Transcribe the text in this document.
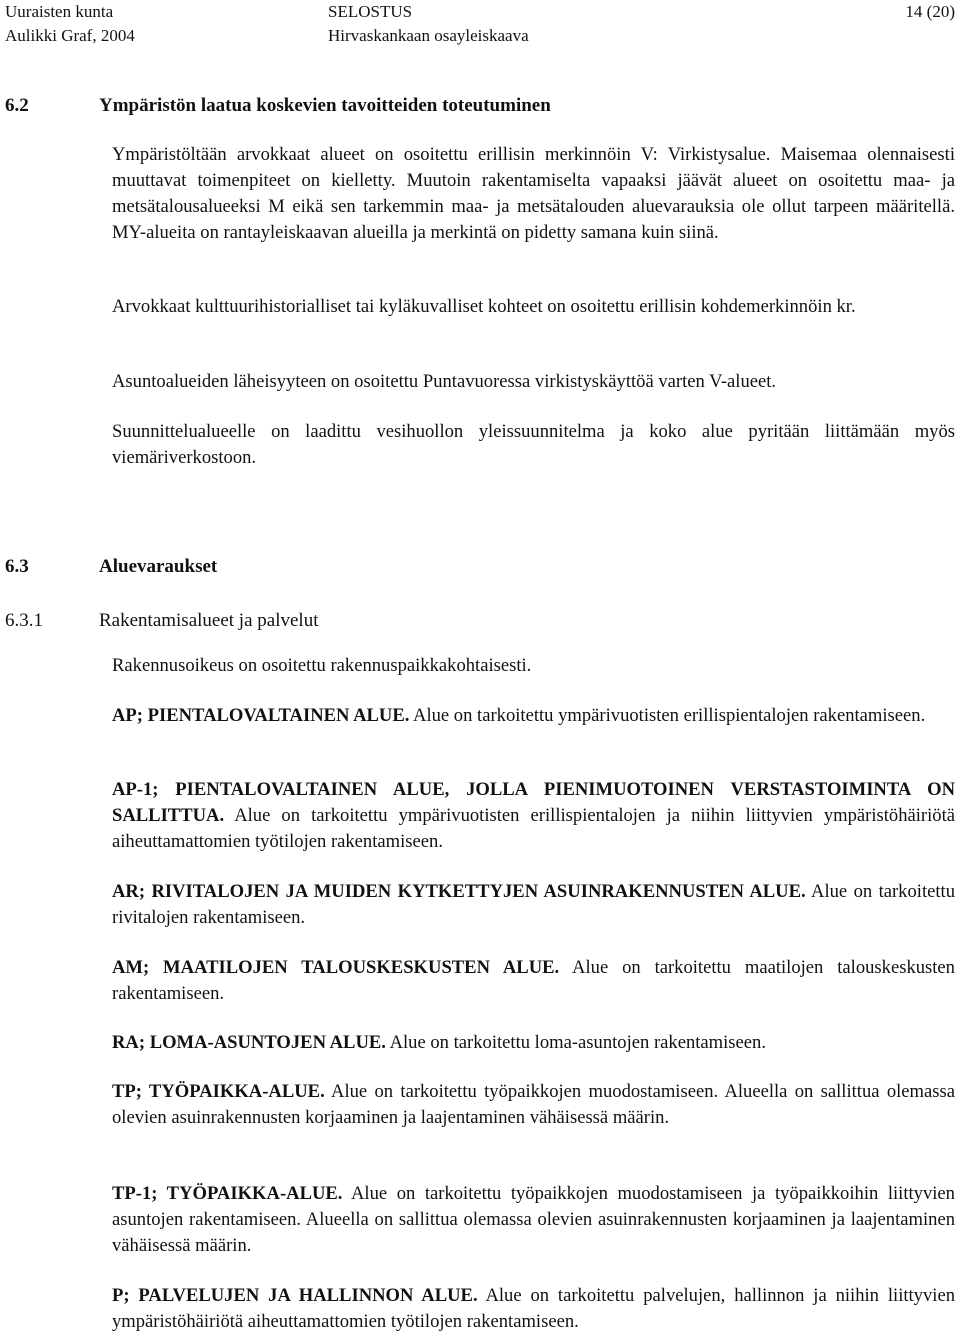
Uuraisten kunta	SELOSTUS	14 (20)
Aulikki Graf, 2004	Hirvaskankaan osayleiskaava
6.2	Ympäristön laatua koskevien tavoitteiden toteutuminen

Ympäristöltään arvokkaat alueet on osoitettu erillisin merkinnöin V: Virkistysalue. Maisemaa olennaisesti muuttavat toimenpiteet on kielletty. Muutoin rakentamiselta vapaaksi jäävät alueet on osoitettu maa- ja metsätalousalueeksi M eikä sen tarkemmin maa- ja metsätalouden aluevarauksia ole ollut tarpeen määritellä. MY-alueita on rantayleiskaavan alueilla ja merkintä on pidetty samana kuin siinä.

Arvokkaat kulttuurihistorialliset tai kyläkuvalliset kohteet on osoitettu erillisin kohdemerkinnöin kr.

Asuntoalueiden läheisyyteen on osoitettu Puntavuoressa virkistyskäyttöä varten V-alueet.

Suunnittelualueelle on laadittu vesihuollon yleissuunnitelma ja koko alue pyritään liittämään myös viemäriverkostoon.

6.3	Aluevaraukset
6.3.1	Rakentamisalueet ja palvelut

Rakennusoikeus on osoitettu rakennuspaikkakohtaisesti.

AP; PIENTALOVALTAINEN ALUE. Alue on tarkoitettu ympärivuotisten erillispientalojen rakentamiseen.

AP-1; PIENTALOVALTAINEN ALUE, JOLLA PIENIMUOTOINEN VERSTASTOIMINTA ON SALLITTUA. Alue on tarkoitettu ympärivuotisten erillispientalojen ja niihin liittyvien ympäristöhäiriötä aiheuttamattomien työtilojen rakentamiseen.

AR; RIVITALOJEN JA MUIDEN KYTKETTYJEN ASUINRAKENNUSTEN ALUE. Alue on tarkoitettu rivitalojen rakentamiseen.

AM; MAATILOJEN TALOUSKESKUSTEN ALUE. Alue on tarkoitettu maatilojen talouskeskusten rakentamiseen.

RA; LOMA-ASUNTOJEN ALUE. Alue on tarkoitettu loma-asuntojen rakentamiseen.

TP; TYÖPAIKKA-ALUE. Alue on tarkoitettu työpaikkojen muodostamiseen. Alueella on sallittua olemassa olevien asuinrakennusten korjaaminen ja laajentaminen vähäisessä määrin.

TP-1; TYÖPAIKKA-ALUE. Alue on tarkoitettu työpaikkojen muodostamiseen ja työpaikkoihin liittyvien asuntojen rakentamiseen. Alueella on sallittua olemassa olevien asuinrakennusten korjaaminen ja laajentaminen vähäisessä määrin.

P; PALVELUJEN JA HALLINNON ALUE. Alue on tarkoitettu palvelujen, hallinnon ja niihin liittyvien ympäristöhäiriötä aiheuttamattomien työtilojen rakentamiseen.
